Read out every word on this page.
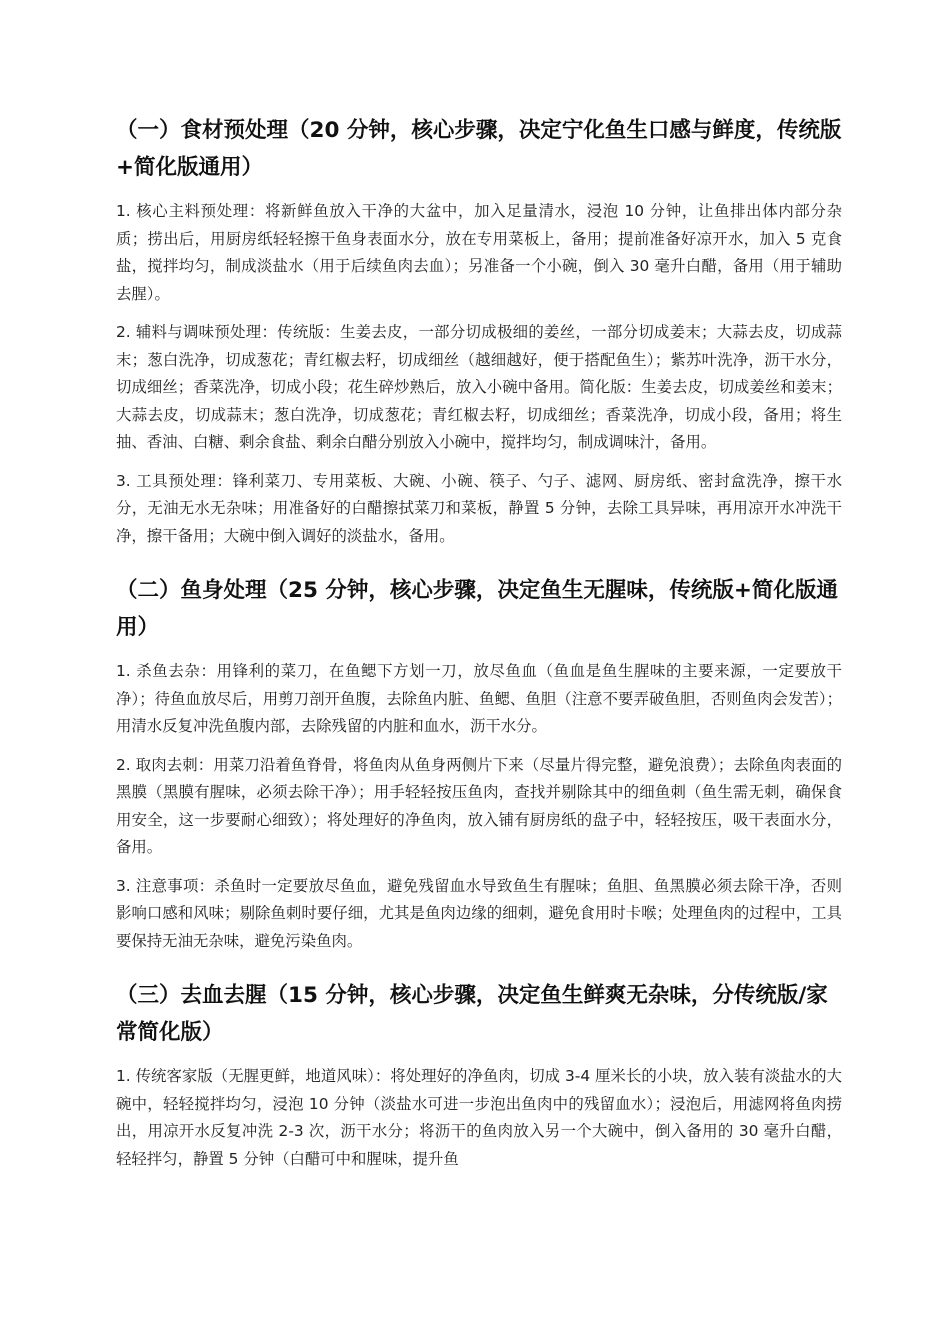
（一）食材预处理（20 分钟，核心步骤，决定宁化鱼生口感与鲜度，传统版+简化版通用）

1. 核心主料预处理：将新鲜鱼放入干净的大盆中，加入足量清水，浸泡 10 分钟，让鱼排出体内部分杂质；捞出后，用厨房纸轻轻擦干鱼身表面水分，放在专用菜板上，备用；提前准备好凉开水，加入 5 克食盐，搅拌均匀，制成淡盐水（用于后续鱼肉去血）；另准备一个小碗，倒入 30 毫升白醋，备用（用于辅助去腥）。

2. 辅料与调味预处理：传统版：生姜去皮，一部分切成极细的姜丝，一部分切成姜末；大蒜去皮，切成蒜末；葱白洗净，切成葱花；青红椒去籽，切成细丝（越细越好，便于搭配鱼生）；紫苏叶洗净，沥干水分，切成细丝；香菜洗净，切成小段；花生碎炒熟后，放入小碗中备用。简化版：生姜去皮，切成姜丝和姜末；大蒜去皮，切成蒜末；葱白洗净，切成葱花；青红椒去籽，切成细丝；香菜洗净，切成小段，备用；将生抽、香油、白糖、剩余食盐、剩余白醋分别放入小碗中，搅拌均匀，制成调味汁，备用。

3. 工具预处理：锋利菜刀、专用菜板、大碗、小碗、筷子、勺子、滤网、厨房纸、密封盒洗净，擦干水分，无油无水无杂味；用准备好的白醋擦拭菜刀和菜板，静置 5 分钟，去除工具异味，再用凉开水冲洗干净，擦干备用；大碗中倒入调好的淡盐水，备用。

（二）鱼身处理（25 分钟，核心步骤，决定鱼生无腥味，传统版+简化版通用）

1. 杀鱼去杂：用锋利的菜刀，在鱼鳃下方划一刀，放尽鱼血（鱼血是鱼生腥味的主要来源，一定要放干净）；待鱼血放尽后，用剪刀剖开鱼腹，去除鱼内脏、鱼鳃、鱼胆（注意不要弄破鱼胆，否则鱼肉会发苦）；用清水反复冲洗鱼腹内部，去除残留的内脏和血水，沥干水分。

2. 取肉去刺：用菜刀沿着鱼脊骨，将鱼肉从鱼身两侧片下来（尽量片得完整，避免浪费）；去除鱼肉表面的黑膜（黑膜有腥味，必须去除干净）；用手轻轻按压鱼肉，查找并剔除其中的细鱼刺（鱼生需无刺，确保食用安全，这一步要耐心细致）；将处理好的净鱼肉，放入铺有厨房纸的盘子中，轻轻按压，吸干表面水分，备用。

3. 注意事项：杀鱼时一定要放尽鱼血，避免残留血水导致鱼生有腥味；鱼胆、鱼黑膜必须去除干净，否则影响口感和风味；剔除鱼刺时要仔细，尤其是鱼肉边缘的细刺，避免食用时卡喉；处理鱼肉的过程中，工具要保持无油无杂味，避免污染鱼肉。

（三）去血去腥（15 分钟，核心步骤，决定鱼生鲜爽无杂味，分传统版/家常简化版）

1. 传统客家版（无腥更鲜，地道风味）：将处理好的净鱼肉，切成 3-4 厘米长的小块，放入装有淡盐水的大碗中，轻轻搅拌均匀，浸泡 10 分钟（淡盐水可进一步泡出鱼肉中的残留血水）；浸泡后，用滤网将鱼肉捞出，用凉开水反复冲洗 2-3 次，沥干水分；将沥干的鱼肉放入另一个大碗中，倒入备用的 30 毫升白醋，轻轻拌匀，静置 5 分钟（白醋可中和腥味，提升鱼
